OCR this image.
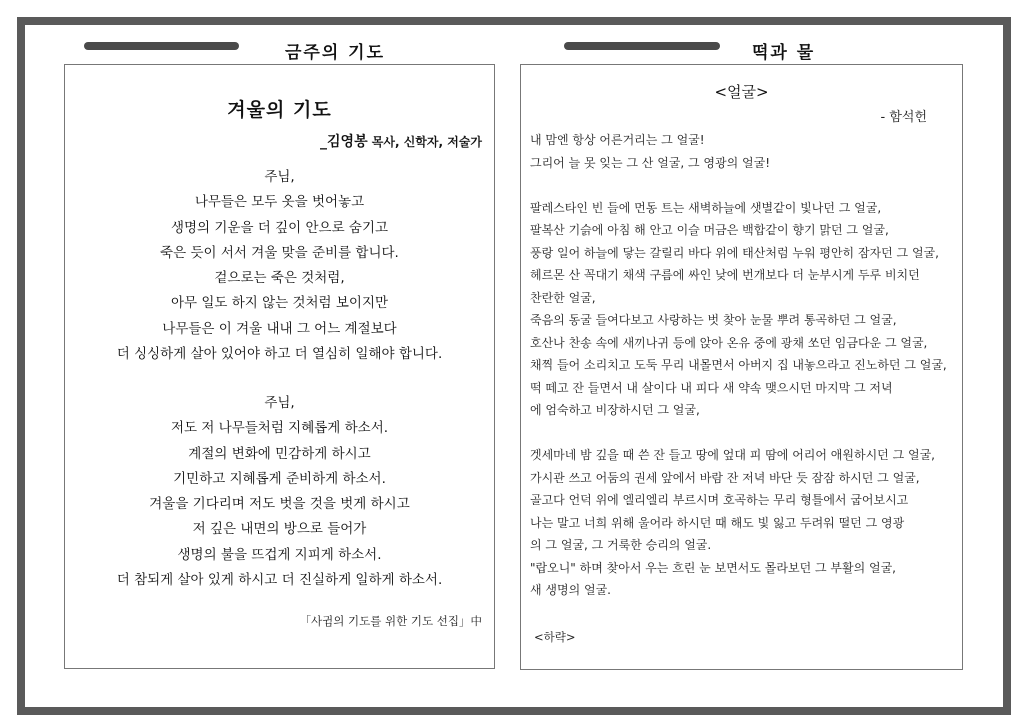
금주의 기도	떡과 물
겨울의 기도
_김영봉 목사, 신학자, 저술가
주님,
나무들은 모두 옷을 벗어놓고
생명의 기운을 더 깊이 안으로 숨기고
죽은 듯이 서서 겨울 맞을 준비를 합니다.
겉으로는 죽은 것처럼,
아무 일도 하지 않는 것처럼 보이지만
나무들은 이 겨울 내내 그 어느 계절보다
더 싱싱하게 살아 있어야 하고 더 열심히 일해야 합니다.
주님,
저도 저 나무들처럼 지혜롭게 하소서.
계절의 변화에 민감하게 하시고
기민하고 지혜롭게 준비하게 하소서.
겨울을 기다리며 저도 벗을 것을 벗게 하시고
저 깊은 내면의 방으로 들어가
생명의 불을 뜨겁게 지피게 하소서.
더 참되게 살아 있게 하시고 더 진실하게 일하게 하소서.
「사귐의 기도를 위한 기도 선집」中
<얼굴>
- 함석헌
내 맘엔 항상 어른거리는 그 얼굴!
그리어 늘 못 잊는 그 산 얼굴, 그 영광의 얼굴!
팔레스타인 빈 들에 먼동 트는 새벽하늘에 샛별같이 빛나던 그 얼굴,
팔복산 기슭에 아침 해 안고 이슬 머금은 백합같이 향기 맑던 그 얼굴,
풍랑 일어 하늘에 닿는 갈릴리 바다 위에 태산처럼 누워 평안히 잠자던 그 얼굴,
헤르몬 산 꼭대기 채색 구름에 싸인 낮에 번개보다 더 눈부시게 두루 비치던
찬란한 얼굴,
죽음의 동굴 들여다보고 사랑하는 벗 찾아 눈물 뿌려 통곡하던 그 얼굴,
호산나 찬송 속에 새끼나귀 등에 앉아 온유 중에 광채 쏘던 임금다운 그 얼굴,
채찍 들어 소리치고 도둑 무리 내몰면서 아버지 집 내놓으라고 진노하던 그 얼굴,
떡 떼고 잔 들면서 내 살이다 내 피다 새 약속 맺으시던 마지막 그 저녁
에 엄숙하고 비장하시던 그 얼굴,
겟세마네 밤 깊을 때 쓴 잔 들고 땅에 엎대 피 땀에 어리어 애원하시던 그 얼굴,
가시관 쓰고 어둠의 권세 앞에서 바람 잔 저녁 바단 듯 잠잠 하시던 그 얼굴,
골고다 언덕 위에 엘리엘리 부르시며 호곡하는 무리 형틀에서 굽어보시고
나는 말고 너희 위해 울어라 하시던 때 해도 빛 잃고 두려워 떨던 그 영광
의 그 얼굴, 그 거룩한 승리의 얼굴.
"랍오니" 하며 찾아서 우는 흐린 눈 보면서도 몰라보던 그 부활의 얼굴,
새 생명의 얼굴.
<하략>
